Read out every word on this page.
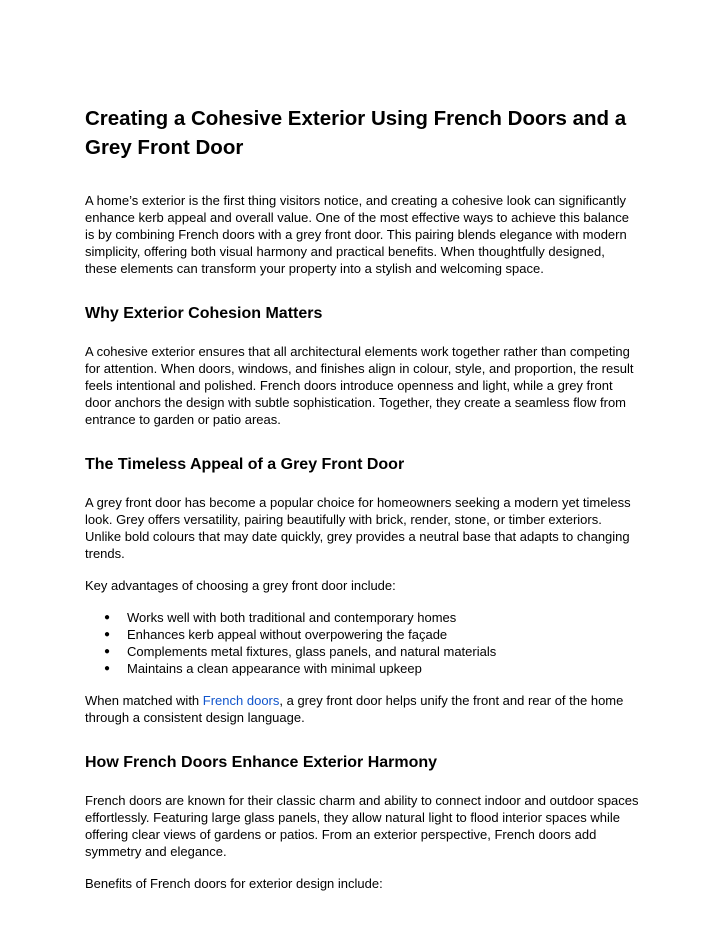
Creating a Cohesive Exterior Using French Doors and a Grey Front Door

A home’s exterior is the first thing visitors notice, and creating a cohesive look can significantly enhance kerb appeal and overall value. One of the most effective ways to achieve this balance is by combining French doors with a grey front door. This pairing blends elegance with modern simplicity, offering both visual harmony and practical benefits. When thoughtfully designed, these elements can transform your property into a stylish and welcoming space.

Why Exterior Cohesion Matters

A cohesive exterior ensures that all architectural elements work together rather than competing for attention. When doors, windows, and finishes align in colour, style, and proportion, the result feels intentional and polished. French doors introduce openness and light, while a grey front door anchors the design with subtle sophistication. Together, they create a seamless flow from entrance to garden or patio areas.

The Timeless Appeal of a Grey Front Door

A grey front door has become a popular choice for homeowners seeking a modern yet timeless look. Grey offers versatility, pairing beautifully with brick, render, stone, or timber exteriors. Unlike bold colours that may date quickly, grey provides a neutral base that adapts to changing trends.

Key advantages of choosing a grey front door include:

● Works well with both traditional and contemporary homes
● Enhances kerb appeal without overpowering the façade
● Complements metal fixtures, glass panels, and natural materials
● Maintains a clean appearance with minimal upkeep

When matched with French doors, a grey front door helps unify the front and rear of the home through a consistent design language.

How French Doors Enhance Exterior Harmony

French doors are known for their classic charm and ability to connect indoor and outdoor spaces effortlessly. Featuring large glass panels, they allow natural light to flood interior spaces while offering clear views of gardens or patios. From an exterior perspective, French doors add symmetry and elegance.

Benefits of French doors for exterior design include:
